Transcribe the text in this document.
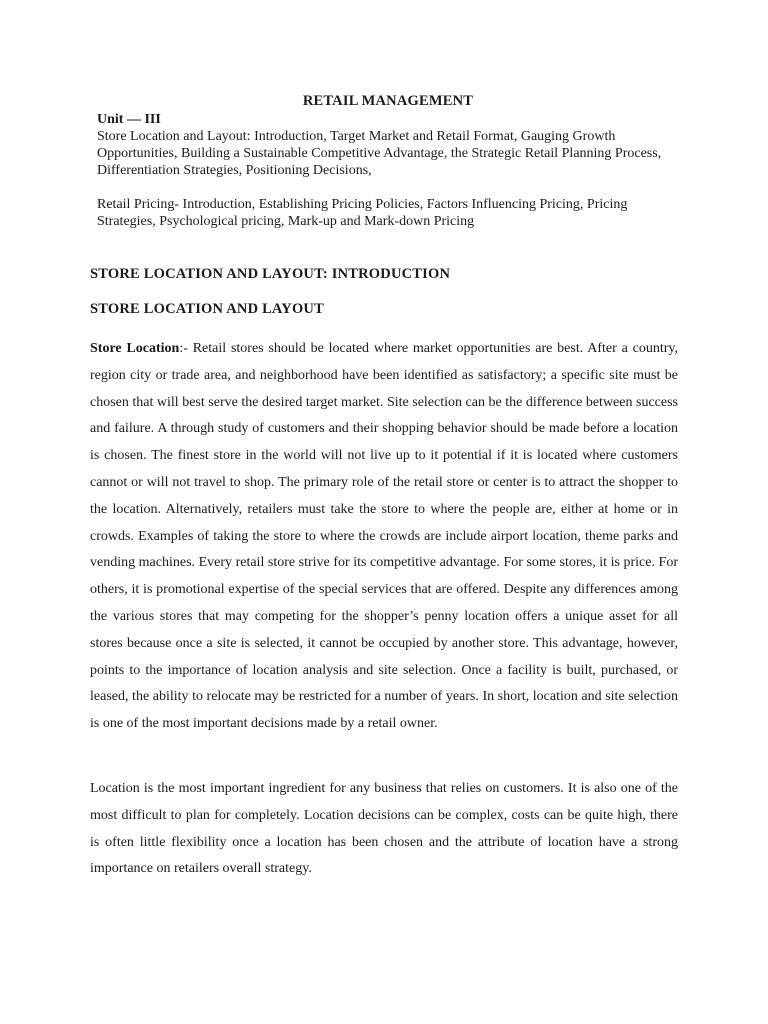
RETAIL MANAGEMENT

Unit — III

Store Location and Layout: Introduction, Target Market and Retail Format, Gauging Growth Opportunities, Building a Sustainable Competitive Advantage, the Strategic Retail Planning Process, Differentiation Strategies, Positioning Decisions,

Retail Pricing- Introduction, Establishing Pricing Policies, Factors Influencing Pricing, Pricing Strategies, Psychological pricing, Mark-up and Mark-down Pricing

STORE LOCATION AND LAYOUT: INTRODUCTION
STORE LOCATION AND LAYOUT

Store Location:- Retail stores should be located where market opportunities are best. After a country, region city or trade area, and neighborhood have been identified as satisfactory; a specific site must be chosen that will best serve the desired target market. Site selection can be the difference between success and failure. A through study of customers and their shopping behavior should be made before a location is chosen. The finest store in the world will not live up to it potential if it is located where customers cannot or will not travel to shop. The primary role of the retail store or center is to attract the shopper to the location. Alternatively, retailers must take the store to where the people are, either at home or in crowds. Examples of taking the store to where the crowds are include airport location, theme parks and vending machines. Every retail store strive for its competitive advantage. For some stores, it is price. For others, it is promotional expertise of the special services that are offered. Despite any differences among the various stores that may competing for the shopper’s penny location offers a unique asset for all stores because once a site is selected, it cannot be occupied by another store. This advantage, however, points to the importance of location analysis and site selection. Once a facility is built, purchased, or leased, the ability to relocate may be restricted for a number of years. In short, location and site selection is one of the most important decisions made by a retail owner.

Location is the most important ingredient for any business that relies on customers. It is also one of the most difficult to plan for completely. Location decisions can be complex, costs can be quite high, there is often little flexibility once a location has been chosen and the attribute of location have a strong importance on retailers overall strategy.
